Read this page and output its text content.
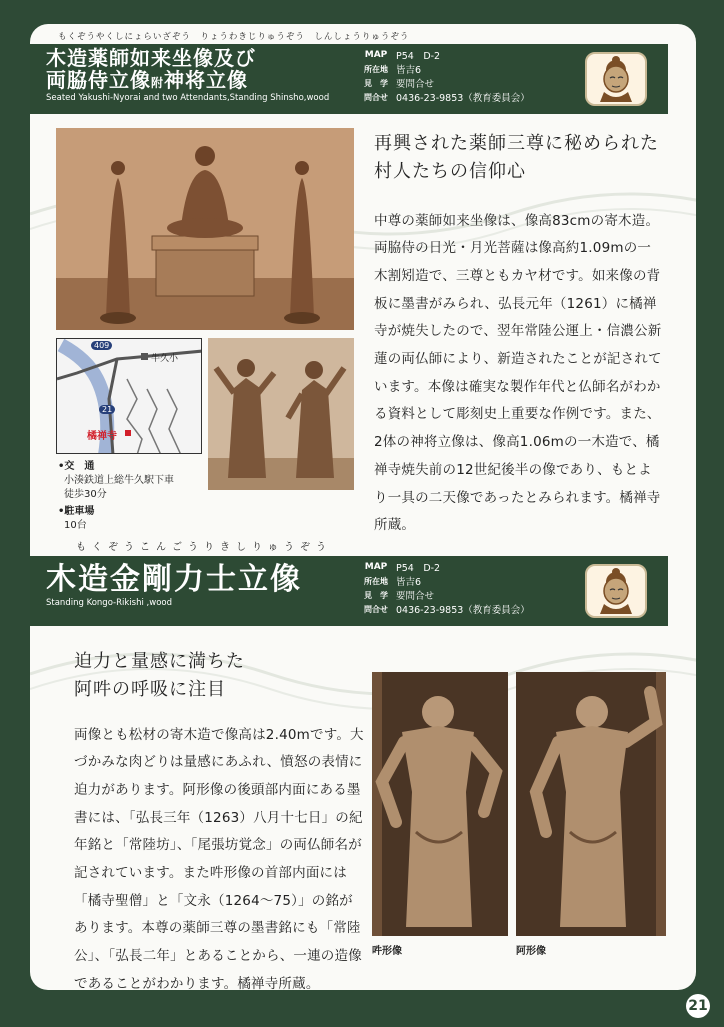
もくぞうやくしにょらいざぞう　りょうわきじりゅうぞう　しんしょうりゅうぞう
木造薬師如来坐像及び
両脇侍立像附神将立像
Seated Yakushi-Nyorai and two Attendants,Standing Shinsho,wood
MAP P54　D-2
所在地 皆吉6
見　学 要問合せ
問合せ 0436-23-9853（教育委員会）
409
牛久小
21
橘禅寺
•交　通
小湊鉄道上総牛久駅下車
徒歩30分
•駐車場
10台
再興された薬師三尊に秘められた
村人たちの信仰心

中尊の薬師如来坐像は、像高83cmの寄木造。両脇侍の日光・月光菩薩は像高約1.09mの一木割矧造で、三尊ともカヤ材です。如来像の背板に墨書がみられ、弘長元年（1261）に橘禅寺が焼失したので、翌年常陸公運上・信濃公新蓮の両仏師により、新造されたことが記されています。本像は確実な製作年代と仏師名がわかる資料として彫刻史上重要な作例です。また、2体の神将立像は、像高1.06mの一木造で、橘禅寺焼失前の12世紀後半の像であり、もとより一具の二天像であったとみられます。橘禅寺所蔵。

もくぞうこんごうりきしりゅうぞう
木造金剛力士立像
Standing Kongo-Rikishi ,wood
MAP P54　D-2
所在地 皆吉6
見　学 要問合せ
問合せ 0436-23-9853（教育委員会）
迫力と量感に満ちた
阿吽の呼吸に注目

両像とも松材の寄木造で像高は2.40mです。大づかみな肉どりは量感にあふれ、憤怒の表情に迫力があります。阿形像の後頭部内面にある墨書には、「弘長三年（1263）八月十七日」の紀年銘と「常陸坊」、「尾張坊覚念」の両仏師名が記されています。また吽形像の首部内面には「橘寺聖僧」と「文永（1264〜75）」の銘があります。本尊の薬師三尊の墨書銘にも「常陸公」、「弘長二年」とあることから、一連の造像であることがわかります。橘禅寺所蔵。

吽形像	阿形像
21
